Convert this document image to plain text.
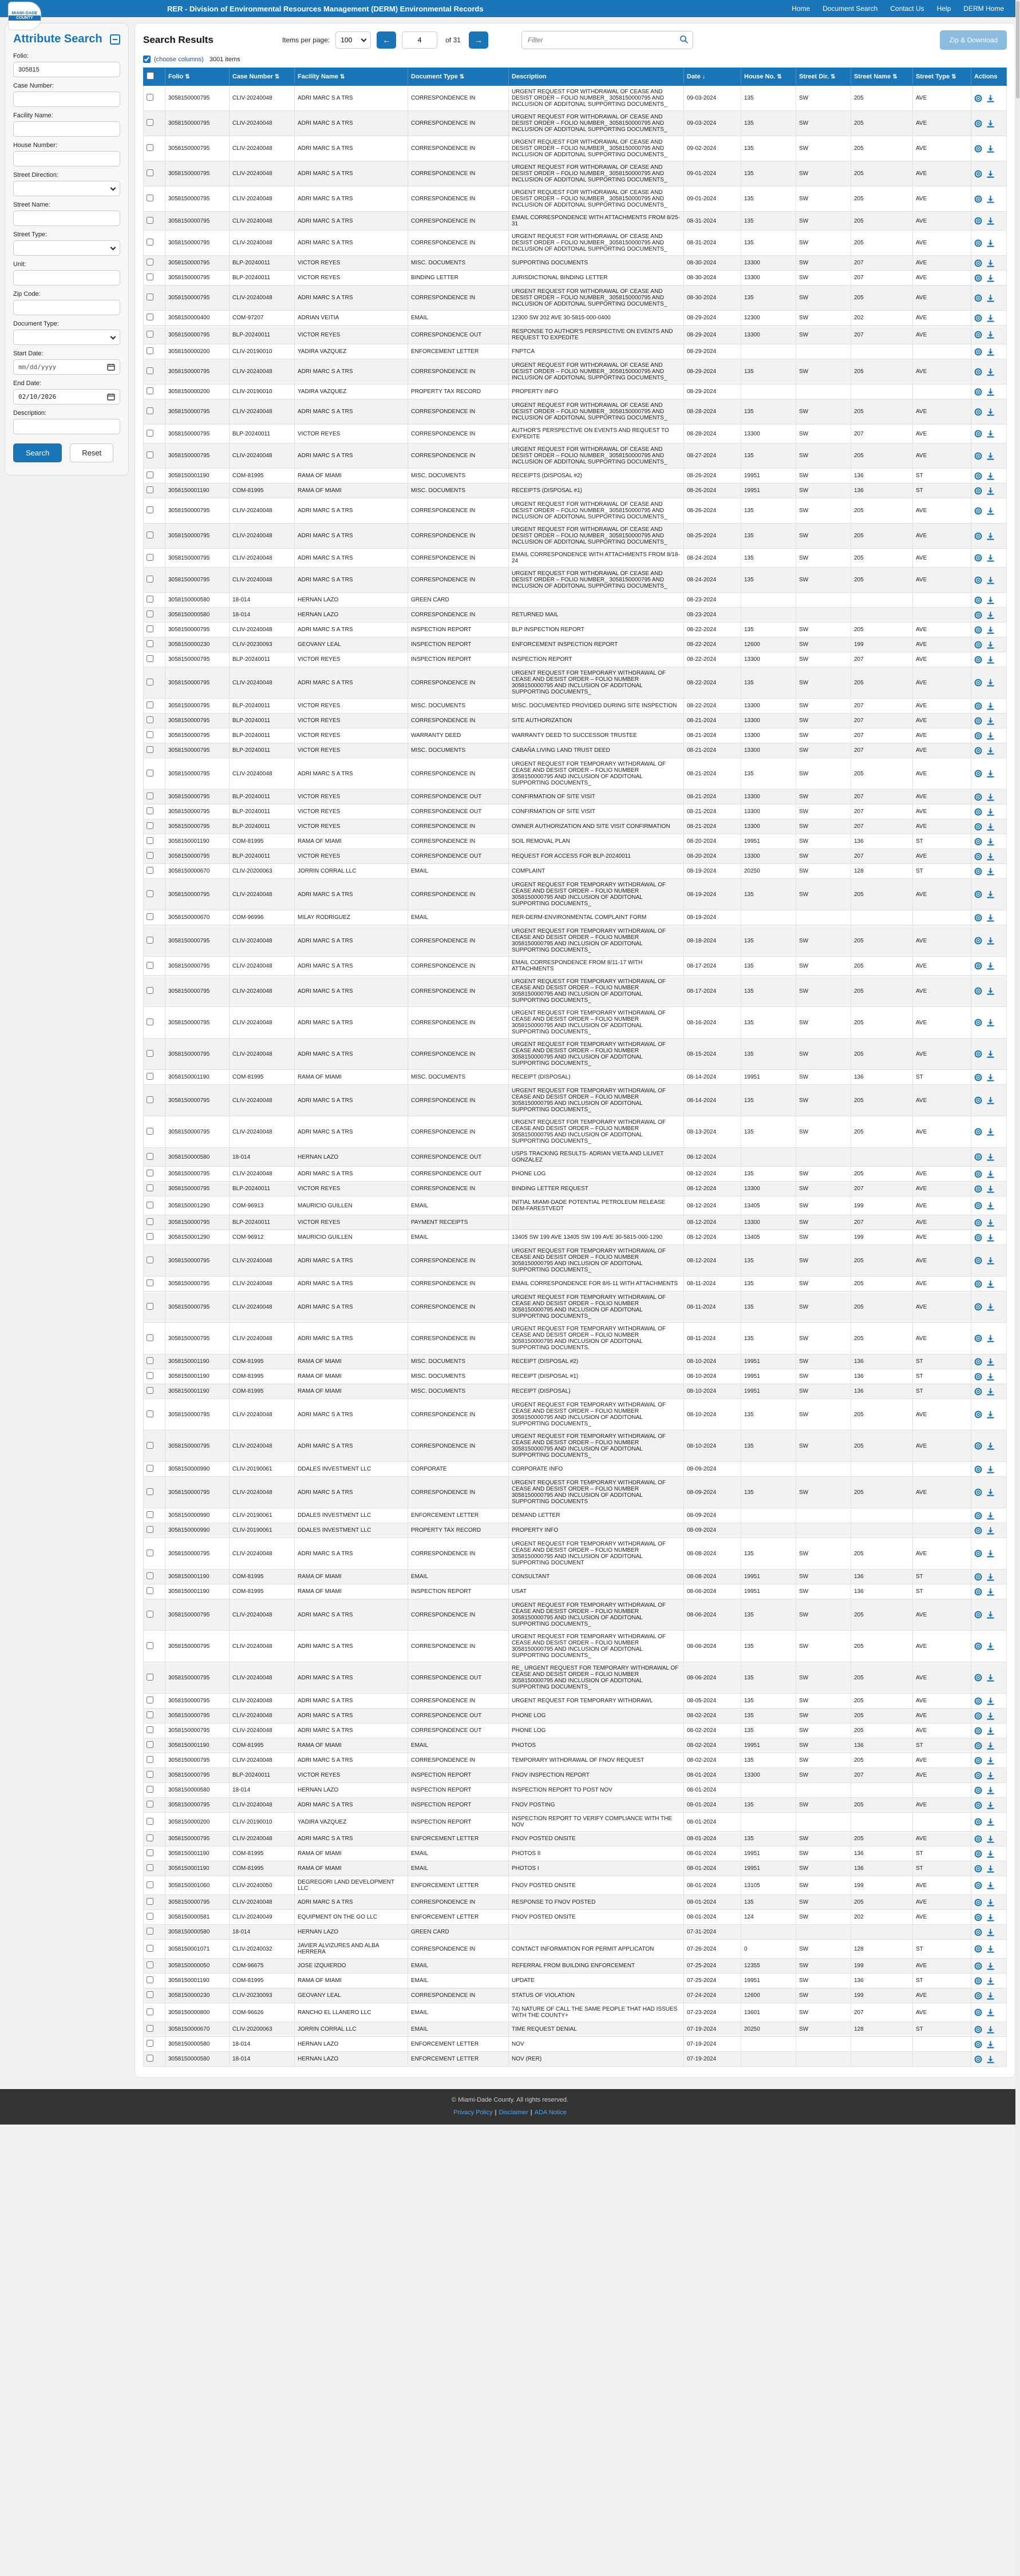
MIAMI-DADE
COUNTY
RER - Division of Environmental Resources Management (DERM) Environmental Records	Home Document Search Contact Us Help DERM Home
Attribute Search
Folio:
305815
Case Number:
Facility Name:
House Number:
Street Direction:
Street Name:
Street Type:
Unit:
Zip Code:
Document Type:
Start Date:
mm/dd/yyyy
End Date:
02/10/2026
Description:
Search	Reset
Search Results	Items per page: 100 ←
4	of 31 →
Filter	Zip & Download
(choose columns) 3001 items
	Folio ⇅	Case Number ⇅	Facility Name ⇅	Document Type ⇅	Description	Date ↓	House No. ⇅	Street Dir. ⇅	Street Name ⇅	Street Type ⇅	Actions
	3058150000795	CLIV-20240048	ADRI MARC S A TRS	CORRESPONDENCE IN	URGENT REQUEST FOR WITHDRAWAL OF CEASE AND DESIST ORDER – FOLIO NUMBER_ 3058150000795 AND INCLUSION OF ADDITONAL SUPPORTING DOCUMENTS_	09-03-2024	135	SW	205	AVE	

	3058150000795	CLIV-20240048	ADRI MARC S A TRS	CORRESPONDENCE IN	URGENT REQUEST FOR WITHDRAWAL OF CEASE AND DESIST ORDER – FOLIO NUMBER_ 3058150000795 AND INCLUSION OF ADDITONAL SUPPORTING DOCUMENTS_	09-03-2024	135	SW	205	AVE	

	3058150000795	CLIV-20240048	ADRI MARC S A TRS	CORRESPONDENCE IN	URGENT REQUEST FOR WITHDRAWAL OF CEASE AND DESIST ORDER – FOLIO NUMBER_ 3058150000795 AND INCLUSION OF ADDITONAL SUPPORTING DOCUMENTS_	09-02-2024	135	SW	205	AVE	

	3058150000795	CLIV-20240048	ADRI MARC S A TRS	CORRESPONDENCE IN	URGENT REQUEST FOR WITHDRAWAL OF CEASE AND DESIST ORDER – FOLIO NUMBER_ 3058150000795 AND INCLUSION OF ADDITONAL SUPPORTING DOCUMENTS_	09-01-2024	135	SW	205	AVE	

	3058150000795	CLIV-20240048	ADRI MARC S A TRS	CORRESPONDENCE IN	URGENT REQUEST FOR WITHDRAWAL OF CEASE AND DESIST ORDER – FOLIO NUMBER_ 3058150000795 AND INCLUSION OF ADDITONAL SUPPORTING DOCUMENTS_	09-01-2024	135	SW	205	AVE	

	3058150000795	CLIV-20240048	ADRI MARC S A TRS	CORRESPONDENCE IN	EMAIL CORRESPONDENCE WITH ATTACHMENTS FROM 8/25-31	08-31-2024	135	SW	205	AVE	

	3058150000795	CLIV-20240048	ADRI MARC S A TRS	CORRESPONDENCE IN	URGENT REQUEST FOR WITHDRAWAL OF CEASE AND DESIST ORDER – FOLIO NUMBER_ 3058150000795 AND INCLUSION OF ADDITONAL SUPPORTING DOCUMENTS_	08-31-2024	135	SW	205	AVE	

	3058150000795	BLP-20240011	VICTOR REYES	MISC. DOCUMENTS	SUPPORTING DOCUMENTS	08-30-2024	13300	SW	207	AVE	

	3058150000795	BLP-20240011	VICTOR REYES	BINDING LETTER	JURISDICTIONAL BINDING LETTER	08-30-2024	13300	SW	207	AVE	

	3058150000795	CLIV-20240048	ADRI MARC S A TRS	CORRESPONDENCE IN	URGENT REQUEST FOR WITHDRAWAL OF CEASE AND DESIST ORDER – FOLIO NUMBER_ 3058150000795 AND INCLUSION OF ADDITONAL SUPPORTING DOCUMENTS_	08-30-2024	135	SW	205	AVE	

	3058150000400	COM-97207	ADRIAN VEITIA	EMAIL	12300 SW 202 AVE 30-5815-000-0400	08-29-2024	12300	SW	202	AVE	

	3058150000795	BLP-20240011	VICTOR REYES	CORRESPONDENCE OUT	RESPONSE TO AUTHOR'S PERSPECTIVE ON EVENTS AND REQUEST TO EXPEDITE	08-29-2024	13300	SW	207	AVE	

	3058150000200	CLIV-20190010	YADIRA VAZQUEZ	ENFORCEMENT LETTER	FNPTCA	08-29-2024					

	3058150000795	CLIV-20240048	ADRI MARC S A TRS	CORRESPONDENCE IN	URGENT REQUEST FOR WITHDRAWAL OF CEASE AND DESIST ORDER – FOLIO NUMBER_ 3058150000795 AND INCLUSION OF ADDITONAL SUPPORTING DOCUMENTS_	08-29-2024	135	SW	205	AVE	

	3058150000200	CLIV-20190010	YADIRA VAZQUEZ	PROPERTY TAX RECORD	PROPERTY INFO	08-29-2024					

	3058150000795	CLIV-20240048	ADRI MARC S A TRS	CORRESPONDENCE IN	URGENT REQUEST FOR WITHDRAWAL OF CEASE AND DESIST ORDER – FOLIO NUMBER_ 3058150000795 AND INCLUSION OF ADDITONAL SUPPORTING DOCUMENTS_	08-28-2024	135	SW	205	AVE	

	3058150000795	BLP-20240011	VICTOR REYES	CORRESPONDENCE IN	AUTHOR'S PERSPECTIVE ON EVENTS AND REQUEST TO EXPEDITE	08-28-2024	13300	SW	207	AVE	

	3058150000795	CLIV-20240048	ADRI MARC S A TRS	CORRESPONDENCE IN	URGENT REQUEST FOR WITHDRAWAL OF CEASE AND DESIST ORDER – FOLIO NUMBER_ 3058150000795 AND INCLUSION OF ADDITONAL SUPPORTING DOCUMENTS_	08-27-2024	135	SW	205	AVE	

	3058150001190	COM-81995	RAMA OF MIAMI	MISC. DOCUMENTS	RECEIPTS (DISPOSAL #2)	08-26-2024	19951	SW	136	ST	

	3058150001190	COM-81995	RAMA OF MIAMI	MISC. DOCUMENTS	RECEIPTS (DISPOSAL #1)	08-26-2024	19951	SW	136	ST	

	3058150000795	CLIV-20240048	ADRI MARC S A TRS	CORRESPONDENCE IN	URGENT REQUEST FOR WITHDRAWAL OF CEASE AND DESIST ORDER – FOLIO NUMBER_ 3058150000795 AND INCLUSION OF ADDITONAL SUPPORTING DOCUMENTS_	08-26-2024	135	SW	205	AVE	

	3058150000795	CLIV-20240048	ADRI MARC S A TRS	CORRESPONDENCE IN	URGENT REQUEST FOR WITHDRAWAL OF CEASE AND DESIST ORDER – FOLIO NUMBER_ 3058150000795 AND INCLUSION OF ADDITONAL SUPPORTING DOCUMENTS_	08-25-2024	135	SW	205	AVE	

	3058150000795	CLIV-20240048	ADRI MARC S A TRS	CORRESPONDENCE IN	EMAIL CORRESPONDENCE WITH ATTACHMENTS FROM 8/18-24	08-24-2024	135	SW	205	AVE	

	3058150000795	CLIV-20240048	ADRI MARC S A TRS	CORRESPONDENCE IN	URGENT REQUEST FOR WITHDRAWAL OF CEASE AND DESIST ORDER – FOLIO NUMBER_ 3058150000795 AND INCLUSION OF ADDITONAL SUPPORTING DOCUMENTS_	08-24-2024	135	SW	205	AVE	

	3058150000580	18-014	HERNAN LAZO	GREEN CARD		08-23-2024					

	3058150000580	18-014	HERNAN LAZO	CORRESPONDENCE IN	RETURNED MAIL	08-23-2024					

	3058150000795	CLIV-20240048	ADRI MARC S A TRS	INSPECTION REPORT	BLP INSPECTION REPORT	08-22-2024	135	SW	205	AVE	

	3058150000230	CLIV-20230093	GEOVANY LEAL	INSPECTION REPORT	ENFORCEMENT INSPECTION REPORT	08-22-2024	12600	SW	199	AVE	

	3058150000795	BLP-20240011	VICTOR REYES	INSPECTION REPORT	INSPECTION REPORT	08-22-2024	13300	SW	207	AVE	

	3058150000795	CLIV-20240048	ADRI MARC S A TRS	CORRESPONDENCE IN	URGENT REQUEST FOR TEMPORARY WITHDRAWAL OF CEASE AND DESIST ORDER – FOLIO NUMBER 3058150000795 AND INCLUSION OF ADDITONAL SUPPORTING DOCUMENTS_	08-22-2024	135	SW	205	AVE	

	3058150000795	BLP-20240011	VICTOR REYES	MISC. DOCUMENTS	MISC. DOCUMENTED PROVIDED DURING SITE INSPECTION	08-22-2024	13300	SW	207	AVE	

	3058150000795	BLP-20240011	VICTOR REYES	CORRESPONDENCE IN	SITE AUTHORIZATION	08-21-2024	13300	SW	207	AVE	

	3058150000795	BLP-20240011	VICTOR REYES	WARRANTY DEED	WARRANTY DEED TO SUCCESSOR TRUSTEE	08-21-2024	13300	SW	207	AVE	

	3058150000795	BLP-20240011	VICTOR REYES	MISC. DOCUMENTS	CABAÑA LIVING LAND TRUST DEED	08-21-2024	13300	SW	207	AVE	

	3058150000795	CLIV-20240048	ADRI MARC S A TRS	CORRESPONDENCE IN	URGENT REQUEST FOR TEMPORARY WITHDRAWAL OF CEASE AND DESIST ORDER – FOLIO NUMBER 3058150000795 AND INCLUSION OF ADDITONAL SUPPORTING DOCUMENTS_	08-21-2024	135	SW	205	AVE	

	3058150000795	BLP-20240011	VICTOR REYES	CORRESPONDENCE OUT	CONFIRMATION OF SITE VISIT	08-21-2024	13300	SW	207	AVE	

	3058150000795	BLP-20240011	VICTOR REYES	CORRESPONDENCE OUT	CONFIRMATION OF SITE VISIT	08-21-2024	13300	SW	207	AVE	

	3058150000795	BLP-20240011	VICTOR REYES	CORRESPONDENCE IN	OWNER AUTHORIZATION AND SITE VISIT CONFIRMATION	08-21-2024	13300	SW	207	AVE	

	3058150001190	COM-81995	RAMA OF MIAMI	CORRESPONDENCE IN	SOIL REMOVAL PLAN	08-20-2024	19951	SW	136	ST	

	3058150000795	BLP-20240011	VICTOR REYES	CORRESPONDENCE OUT	REQUEST FOR ACCESS FOR BLP-20240011	08-20-2024	13300	SW	207	AVE	

	3058150000670	CLIV-20200063	JORRIN CORRAL LLC	EMAIL	COMPLAINT	08-19-2024	20250	SW	128	ST	

	3058150000795	CLIV-20240048	ADRI MARC S A TRS	CORRESPONDENCE IN	URGENT REQUEST FOR TEMPORARY WITHDRAWAL OF CEASE AND DESIST ORDER – FOLIO NUMBER 3058150000795 AND INCLUSION OF ADDITONAL SUPPORTING DOCUMENTS_	08-19-2024	135	SW	205	AVE	

	3058150000670	COM-96996	MILAY RODRIGUEZ	EMAIL	RER-DERM-ENVIRONMENTAL COMPLAINT FORM	08-19-2024					

	3058150000795	CLIV-20240048	ADRI MARC S A TRS	CORRESPONDENCE IN	URGENT REQUEST FOR TEMPORARY WITHDRAWAL OF CEASE AND DESIST ORDER – FOLIO NUMBER 3058150000795 AND INCLUSION OF ADDITONAL SUPPORTING DOCUMENTS_	08-18-2024	135	SW	205	AVE	

	3058150000795	CLIV-20240048	ADRI MARC S A TRS	CORRESPONDENCE IN	EMAIL CORRESPONDENCE FROM 8/11-17 WITH ATTACHMENTS	08-17-2024	135	SW	205	AVE	

	3058150000795	CLIV-20240048	ADRI MARC S A TRS	CORRESPONDENCE IN	URGENT REQUEST FOR TEMPORARY WITHDRAWAL OF CEASE AND DESIST ORDER – FOLIO NUMBER 3058150000795 AND INCLUSION OF ADDITONAL SUPPORTING DOCUMENTS_	08-17-2024	135	SW	205	AVE	

	3058150000795	CLIV-20240048	ADRI MARC S A TRS	CORRESPONDENCE IN	URGENT REQUEST FOR TEMPORARY WITHDRAWAL OF CEASE AND DESIST ORDER – FOLIO NUMBER 3058150000795 AND INCLUSION OF ADDITONAL SUPPORTING DOCUMENTS_	08-16-2024	135	SW	205	AVE	

	3058150000795	CLIV-20240048	ADRI MARC S A TRS	CORRESPONDENCE IN	URGENT REQUEST FOR TEMPORARY WITHDRAWAL OF CEASE AND DESIST ORDER – FOLIO NUMBER 3058150000795 AND INCLUSION OF ADDITONAL SUPPORTING DOCUMENTS_	08-15-2024	135	SW	205	AVE	

	3058150001190	COM-81995	RAMA OF MIAMI	MISC. DOCUMENTS	RECEIPT (DISPOSAL)	08-14-2024	19951	SW	136	ST	

	3058150000795	CLIV-20240048	ADRI MARC S A TRS	CORRESPONDENCE IN	URGENT REQUEST FOR TEMPORARY WITHDRAWAL OF CEASE AND DESIST ORDER – FOLIO NUMBER 3058150000795 AND INCLUSION OF ADDITONAL SUPPORTING DOCUMENTS_	08-14-2024	135	SW	205	AVE	

	3058150000795	CLIV-20240048	ADRI MARC S A TRS	CORRESPONDENCE IN	URGENT REQUEST FOR TEMPORARY WITHDRAWAL OF CEASE AND DESIST ORDER – FOLIO NUMBER 3058150000795 AND INCLUSION OF ADDITONAL SUPPORTING DOCUMENTS_	08-13-2024	135	SW	205	AVE	

	3058150000580	18-014	HERNAN LAZO	CORRESPONDENCE OUT	USPS TRACKING RESULTS- ADRIAN VIETA AND LILIVET GONZALEZ	08-12-2024					

	3058150000795	CLIV-20240048	ADRI MARC S A TRS	CORRESPONDENCE OUT	PHONE LOG	08-12-2024	135	SW	205	AVE	

	3058150000795	BLP-20240011	VICTOR REYES	CORRESPONDENCE IN	BINDING LETTER REQUEST	08-12-2024	13300	SW	207	AVE	

	3058150001290	COM-96913	MAURICIO GUILLEN	EMAIL	INITIAL MIAMI-DADE POTENTIAL PETROLEUM RELEASE DEM-FARESTVEDT	08-12-2024	13405	SW	199	AVE	

	3058150000795	BLP-20240011	VICTOR REYES	PAYMENT RECEIPTS		08-12-2024	13300	SW	207	AVE	

	3058150001290	COM-96912	MAURICIO GUILLEN	EMAIL	13405 SW 199 AVE 13405 SW 199 AVE 30-5815-000-1290	08-12-2024	13405	SW	199	AVE	

	3058150000795	CLIV-20240048	ADRI MARC S A TRS	CORRESPONDENCE IN	URGENT REQUEST FOR TEMPORARY WITHDRAWAL OF CEASE AND DESIST ORDER – FOLIO NUMBER 3058150000795 AND INCLUSION OF ADDITONAL SUPPORTING DOCUMENTS_	08-12-2024	135	SW	205	AVE	

	3058150000795	CLIV-20240048	ADRI MARC S A TRS	CORRESPONDENCE IN	EMAIL CORRESPONDENCE FOR 8/6-11 WITH ATTACHMENTS	08-11-2024	135	SW	205	AVE	

	3058150000795	CLIV-20240048	ADRI MARC S A TRS	CORRESPONDENCE IN	URGENT REQUEST FOR TEMPORARY WITHDRAWAL OF CEASE AND DESIST ORDER – FOLIO NUMBER 3058150000795 AND INCLUSION OF ADDITONAL SUPPORTING DOCUMENTS_	08-11-2024	135	SW	205	AVE	

	3058150000795	CLIV-20240048	ADRI MARC S A TRS	CORRESPONDENCE IN	URGENT REQUEST FOR TEMPORARY WITHDRAWAL OF CEASE AND DESIST ORDER – FOLIO NUMBER 3058150000795 AND INCLUSION OF ADDITONAL SUPPORTING DOCUMENTS.	08-11-2024	135	SW	205	AVE	

	3058150001190	COM-81995	RAMA OF MIAMI	MISC. DOCUMENTS	RECEIPT (DISPOSAL #2)	08-10-2024	19951	SW	136	ST	

	3058150001190	COM-81995	RAMA OF MIAMI	MISC. DOCUMENTS	RECEIPT (DISPOSAL #1)	08-10-2024	19951	SW	136	ST	

	3058150001190	COM-81995	RAMA OF MIAMI	MISC. DOCUMENTS	RECEIPT (DISPOSAL)	08-10-2024	19951	SW	136	ST	

	3058150000795	CLIV-20240048	ADRI MARC S A TRS	CORRESPONDENCE IN	URGENT REQUEST FOR TEMPORARY WITHDRAWAL OF CEASE AND DESIST ORDER – FOLIO NUMBER 3058150000795 AND INCLUSION OF ADDITONAL SUPPORTING DOCUMENTS_	08-10-2024	135	SW	205	AVE	

	3058150000795	CLIV-20240048	ADRI MARC S A TRS	CORRESPONDENCE IN	URGENT REQUEST FOR TEMPORARY WITHDRAWAL OF CEASE AND DESIST ORDER – FOLIO NUMBER 3058150000795 AND INCLUSION OF ADDITONAL SUPPORTING DOCUMENTS_	08-10-2024	135	SW	205	AVE	

	3058150000990	CLIV-20190061	DDALES INVESTMENT LLC	CORPORATE	CORPORATE INFO	08-09-2024					

	3058150000795	CLIV-20240048	ADRI MARC S A TRS	CORRESPONDENCE IN	URGENT REQUEST FOR TEMPORARY WITHDRAWAL OF CEASE AND DESIST ORDER – FOLIO NUMBER 3058150000795 AND INCLUSION OF ADDITONAL SUPPORTING DOCUMENTS	08-09-2024	135	SW	205	AVE	

	3058150000990	CLIV-20190061	DDALES INVESTMENT LLC	ENFORCEMENT LETTER	DEMAND LETTER	08-09-2024					

	3058150000990	CLIV-20190061	DDALES INVESTMENT LLC	PROPERTY TAX RECORD	PROPERTY INFO	08-09-2024					

	3058150000795	CLIV-20240048	ADRI MARC S A TRS	CORRESPONDENCE IN	URGENT REQUEST FOR TEMPORARY WITHDRAWAL OF CEASE AND DESIST ORDER – FOLIO NUMBER 3058150000795 AND INCLUSION OF ADDITONAL SUPPORTING DOCUMENT	08-08-2024	135	SW	205	AVE	

	3058150001190	COM-81995	RAMA OF MIAMI	EMAIL	CONSULTANT	08-08-2024	19951	SW	136	ST	

	3058150001190	COM-81995	RAMA OF MIAMI	INSPECTION REPORT	USAT	08-06-2024	19951	SW	136	ST	

	3058150000795	CLIV-20240048	ADRI MARC S A TRS	CORRESPONDENCE IN	URGENT REQUEST FOR TEMPORARY WITHDRAWAL OF CEASE AND DESIST ORDER – FOLIO NUMBER 3058150000795 AND INCLUSION OF ADDITONAL SUPPORTING DOCUMENTS_	08-06-2024	135	SW	205	AVE	

	3058150000795	CLIV-20240048	ADRI MARC S A TRS	CORRESPONDENCE IN	URGENT REQUEST FOR TEMPORARY WITHDRAWAL OF CEASE AND DESIST ORDER – FOLIO NUMBER 3058150000795 AND INCLUSION OF ADDITONAL SUPPORTING DOCUMENTS_	08-06-2024	135	SW	205	AVE	

	3058150000795	CLIV-20240048	ADRI MARC S A TRS	CORRESPONDENCE OUT	RE_ URGENT REQUEST FOR TEMPORARY WITHDRAWAL OF CEASE AND DESIST ORDER – FOLIO NUMBER 3058150000795 AND INCLUSION OF ADDITONAL SUPPORTING DOCUMENTS_	08-06-2024	135	SW	205	AVE	

	3058150000795	CLIV-20240048	ADRI MARC S A TRS	CORRESPONDENCE IN	URGENT REQUEST FOR TEMPORARY WITHDRAWL	08-05-2024	135	SW	205	AVE	

	3058150000795	CLIV-20240048	ADRI MARC S A TRS	CORRESPONDENCE OUT	PHONE LOG	08-02-2024	135	SW	205	AVE	

	3058150000795	CLIV-20240048	ADRI MARC S A TRS	CORRESPONDENCE OUT	PHONE LOG	08-02-2024	135	SW	205	AVE	

	3058150001190	COM-81995	RAMA OF MIAMI	EMAIL	PHOTOS	08-02-2024	19951	SW	136	ST	

	3058150000795	CLIV-20240048	ADRI MARC S A TRS	CORRESPONDENCE IN	TEMPORARY WITHDRAWAL OF FNOV REQUEST	08-02-2024	135	SW	205	AVE	

	3058150000795	BLP-20240011	VICTOR REYES	INSPECTION REPORT	FNOV INSPECTION REPORT	08-01-2024	13300	SW	207	AVE	

	3058150000580	18-014	HERNAN LAZO	INSPECTION REPORT	INSPECTION REPORT TO POST NOV	08-01-2024					

	3058150000795	CLIV-20240048	ADRI MARC S A TRS	INSPECTION REPORT	FNOV POSTING	08-01-2024	135	SW	205	AVE	

	3058150000200	CLIV-20190010	YADIRA VAZQUEZ	INSPECTION REPORT	INSPECTION REPORT TO VERIFY COMPLIANCE WITH THE NOV	08-01-2024					

	3058150000795	CLIV-20240048	ADRI MARC S A TRS	ENFORCEMENT LETTER	FNOV POSTED ONSITE	08-01-2024	135	SW	205	AVE	

	3058150001190	COM-81995	RAMA OF MIAMI	EMAIL	PHOTOS II	08-01-2024	19951	SW	136	ST	

	3058150001190	COM-81995	RAMA OF MIAMI	EMAIL	PHOTOS I	08-01-2024	19951	SW	136	ST	

	3058150001060	CLIV-20240050	DEGREGORI LAND DEVELOPMENT LLC	ENFORCEMENT LETTER	FNOV POSTED ONSITE	08-01-2024	13105	SW	199	AVE	

	3058150000795	CLIV-20240048	ADRI MARC S A TRS	CORRESPONDENCE IN	RESPONSE TO FNOV POSTED	08-01-2024	135	SW	205	AVE	

	3058150000581	CLIV-20240049	EQUIPMENT ON THE GO LLC	ENFORCEMENT LETTER	FNOV POSTED ONSITE	08-01-2024	124	SW	202	AVE	

	3058150000580	18-014	HERNAN LAZO	GREEN CARD		07-31-2024					

	3058150001071	CLIV-20240032	JAVIER ALVIZURES AND ALBA HERRERA	CORRESPONDENCE IN	CONTACT INFORMATION FOR PERMIT APPLICATON	07-26-2024	0	SW	128	ST	

	3058150000050	COM-96675	JOSE IZQUIERDO	EMAIL	REFERRAL FROM BUILDING ENFORCEMENT	07-25-2024	12355	SW	199	AVE	

	3058150001190	COM-81995	RAMA OF MIAMI	EMAIL	UPDATE	07-25-2024	19951	SW	136	ST	

	3058150000230	CLIV-20230093	GEOVANY LEAL	CORRESPONDENCE IN	STATUS OF VIOLATION	07-24-2024	12600	SW	199	AVE	

	3058150000800	COM-96626	RANCHO EL LLANERO LLC	EMAIL	74) NATURE OF CALL THE SAME PEOPLE THAT HAD ISSUES WITH THE COUNTY+	07-23-2024	13601	SW	207	AVE	

	3058150000670	CLIV-20200063	JORRIN CORRAL LLC	EMAIL	TIME REQUEST DENIAL	07-19-2024	20250	SW	128	ST	

	3058150000580	18-014	HERNAN LAZO	ENFORCEMENT LETTER	NOV	07-19-2024					

	3058150000580	18-014	HERNAN LAZO	ENFORCEMENT LETTER	NOV (RER)	07-19-2024					
© Miami-Dade County. All rights reserved.
Privacy Policy | Disclaimer | ADA Notice
